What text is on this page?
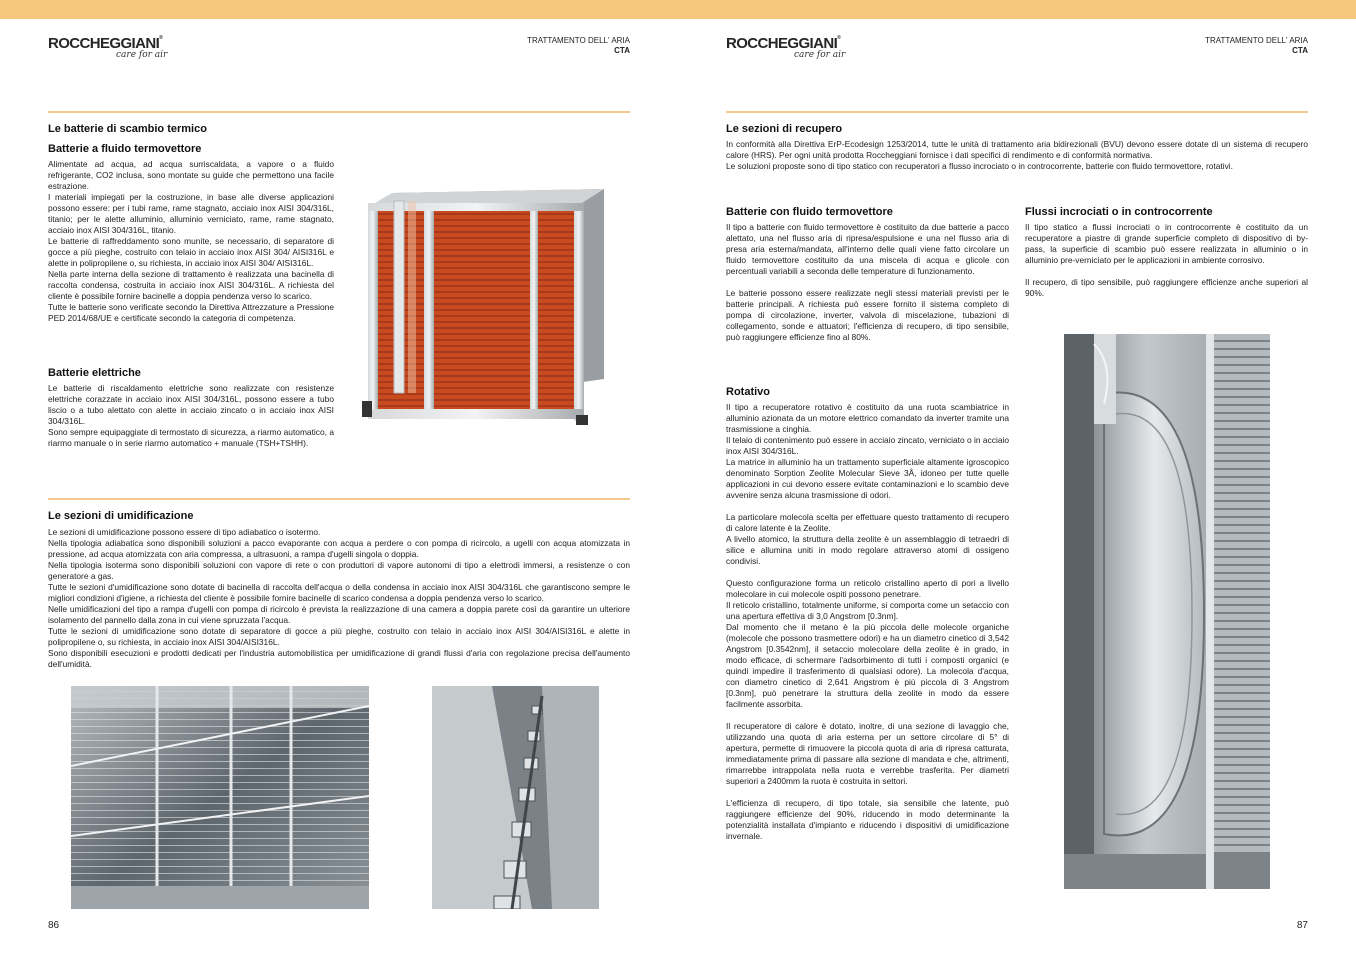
ROCCHEGGIANI®
care for air
TRATTAMENTO DELL' ARIA
CTA
Le batterie di scambio termico
Batterie a fluido termovettore

Alimentate ad acqua, ad acqua surriscaldata, a vapore o a fluido refrigerante, CO2 inclusa, sono montate su guide che permettono una facile estrazione.

I materiali impiegati per la costruzione, in base alle diverse applicazioni possono essere: per i tubi rame, rame stagnato, acciaio inox AISI 304/316L, titanio; per le alette alluminio, alluminio verniciato, rame, rame stagnato, acciaio inox AISI 304/316L, titanio.

Le batterie di raffreddamento sono munite, se necessario, di separatore di gocce a più pieghe, costruito con telaio in acciaio inox AISI 304/ AISI316L e alette in polipropilene o, su richiesta, in acciaio inox AISI 304/ AISI316L.

Nella parte interna della sezione di trattamento è realizzata una bacinella di raccolta condensa, costruita in acciaio inox AISI 304/316L. A richiesta del cliente è possibile fornire bacinelle a doppia pendenza verso lo scarico.

Tutte le batterie sono verificate secondo la Direttiva Attrezzature a Pressione PED 2014/68/UE e certificate secondo la categoria di competenza.

Batterie elettriche

Le batterie di riscaldamento elettriche sono realizzate con resistenze elettriche corazzate in acciaio inox AISI 304/316L, possono essere a tubo liscio o a tubo alettato con alette in acciaio zincato o in acciaio inox AISI 304/316L.

Sono sempre equipaggiate di termostato di sicurezza, a riarmo automatico, a riarmo manuale o in serie riarmo automatico + manuale (TSH+TSHH).

Le sezioni di umidificazione

Le sezioni di umidificazione possono essere di tipo adiabatico o isotermo.

Nella tipologia adiabatica sono disponibili soluzioni a pacco evaporante con acqua a perdere o con pompa di ricircolo, a ugelli con acqua atomizzata in pressione, ad acqua atomizzata con aria compressa, a ultrasuoni, a rampa d'ugelli singola o doppia.

Nella tipologia isoterma sono disponibili soluzioni con vapore di rete o con produttori di vapore autonomi di tipo a elettrodi immersi, a resistenze o con generatore a gas.

Tutte le sezioni d'umidificazione sono dotate di bacinella di raccolta dell'acqua o della condensa in acciaio inox AISI 304/316L che garantiscono sempre le migliori condizioni d'igiene, a richiesta del cliente è possibile fornire bacinelle di scarico condensa a doppia pendenza verso lo scarico.

Nelle umidificazioni del tipo a rampa d'ugelli con pompa di ricircolo è prevista la realizzazione di una camera a doppia parete così da garantire un ulteriore isolamento del pannello dalla zona in cui viene spruzzata l'acqua.

Tutte le sezioni di umidificazione sono dotate di separatore di gocce a più pieghe, costruito con telaio in acciaio inox AISI 304/AISI316L e alette in polipropilene o, su richiesta, in acciaio inox AISI 304/AISI316L.

Sono disponibili esecuzioni e prodotti dedicati per l'industria automobilistica per umidificazione di grandi flussi d'aria con regolazione precisa dell'aumento dell'umidità.

86
ROCCHEGGIANI®
care for air
TRATTAMENTO DELL' ARIA
CTA
Le sezioni di recupero

In conformità alla Direttiva ErP-Ecodesign 1253/2014, tutte le unità di trattamento aria bidirezionali (BVU) devono essere dotate di un sistema di recupero calore (HRS). Per ogni unità prodotta Roccheggiani fornisce i dati specifici di rendimento e di conformità normativa.

Le soluzioni proposte sono di tipo statico con recuperatori a flusso incrociato o in controcorrente, batterie con fluido termovettore, rotativi.

Batterie con fluido termovettore

Il tipo a batterie con fluido termovettore è costituito da due batterie a pacco alettato, una nel flusso aria di ripresa/espulsione e una nel flusso aria di presa aria esterna/mandata, all'interno delle quali viene fatto circolare un fluido termovettore costituito da una miscela di acqua e glicole con percentuali variabili a seconda delle temperature di funzionamento.

Le batterie possono essere realizzate negli stessi materiali previsti per le batterie principali. A richiesta può essere fornito il sistema completo di pompa di circolazione, inverter, valvola di miscelazione, tubazioni di collegamento, sonde e attuatori; l'efficienza di recupero, di tipo sensibile, può raggiungere efficienze fino al 80%.

Flussi incrociati o in controcorrente

Il tipo statico a flussi incrociati o in controcorrente è costituito da un recuperatore a piastre di grande superficie completo di dispositivo di by-pass, la superficie di scambio può essere realizzata in alluminio o in alluminio pre-verniciato per le applicazioni in ambiente corrosivo.

Il recupero, di tipo sensibile, può raggiungere efficienze anche superiori al 90%.

Rotativo

Il tipo a recuperatore rotativo è costituito da una ruota scambiatrice in alluminio azionata da un motore elettrico comandato da inverter tramite una trasmissione a cinghia.

Il telaio di contenimento può essere in acciaio zincato, verniciato o in acciaio inox AISI 304/316L.

La matrice in alluminio ha un trattamento superficiale altamente igroscopico denominato Sorption Zeolite Molecular Sieve 3Å, idoneo per tutte quelle applicazioni in cui devono essere evitate contaminazioni e lo scambio deve avvenire senza alcuna trasmissione di odori.

La particolare molecola scelta per effettuare questo trattamento di recupero di calore latente è la Zeolite.

A livello atomico, la struttura della zeolite è un assemblaggio di tetraedri di silice e allumina uniti in modo regolare attraverso atomi di ossigeno condivisi.

Questo configurazione forma un reticolo cristallino aperto di pori a livello molecolare in cui molecole ospiti possono penetrare.

Il reticolo cristallino, totalmente uniforme, si comporta come un setaccio con una apertura effettiva di 3,0 Angstrom [0.3nm].

Dal momento che il metano è la più piccola delle molecole organiche (molecole che possono trasmettere odori) e ha un diametro cinetico di 3,542 Angstrom [0.3542nm], il setaccio molecolare della zeolite è in grado, in modo efficace, di schermare l'adsorbimento di tutti i composti organici (e quindi impedire il trasferimento di qualsiasi odore). La molecola d'acqua, con diametro cinetico di 2,641 Angstrom è più piccola di 3 Angstrom [0.3nm], può penetrare la struttura della zeolite in modo da essere facilmente assorbita.

Il recuperatore di calore è dotato, inoltre, di una sezione di lavaggio che, utilizzando una quota di aria esterna per un settore circolare di 5° di apertura, permette di rimuovere la piccola quota di aria di ripresa catturata, immediatamente prima di passare alla sezione di mandata e che, altrimenti, rimarrebbe intrappolata nella ruota e verrebbe trasferita. Per diametri superiori a 2400mm la ruota è costruita in settori.

L'efficienza di recupero, di tipo totale, sia sensibile che latente, può raggiungere efficienze del 90%, riducendo in modo determinante la potenzialità installata d'impianto e riducendo i dispositivi di umidificazione invernale.

87
